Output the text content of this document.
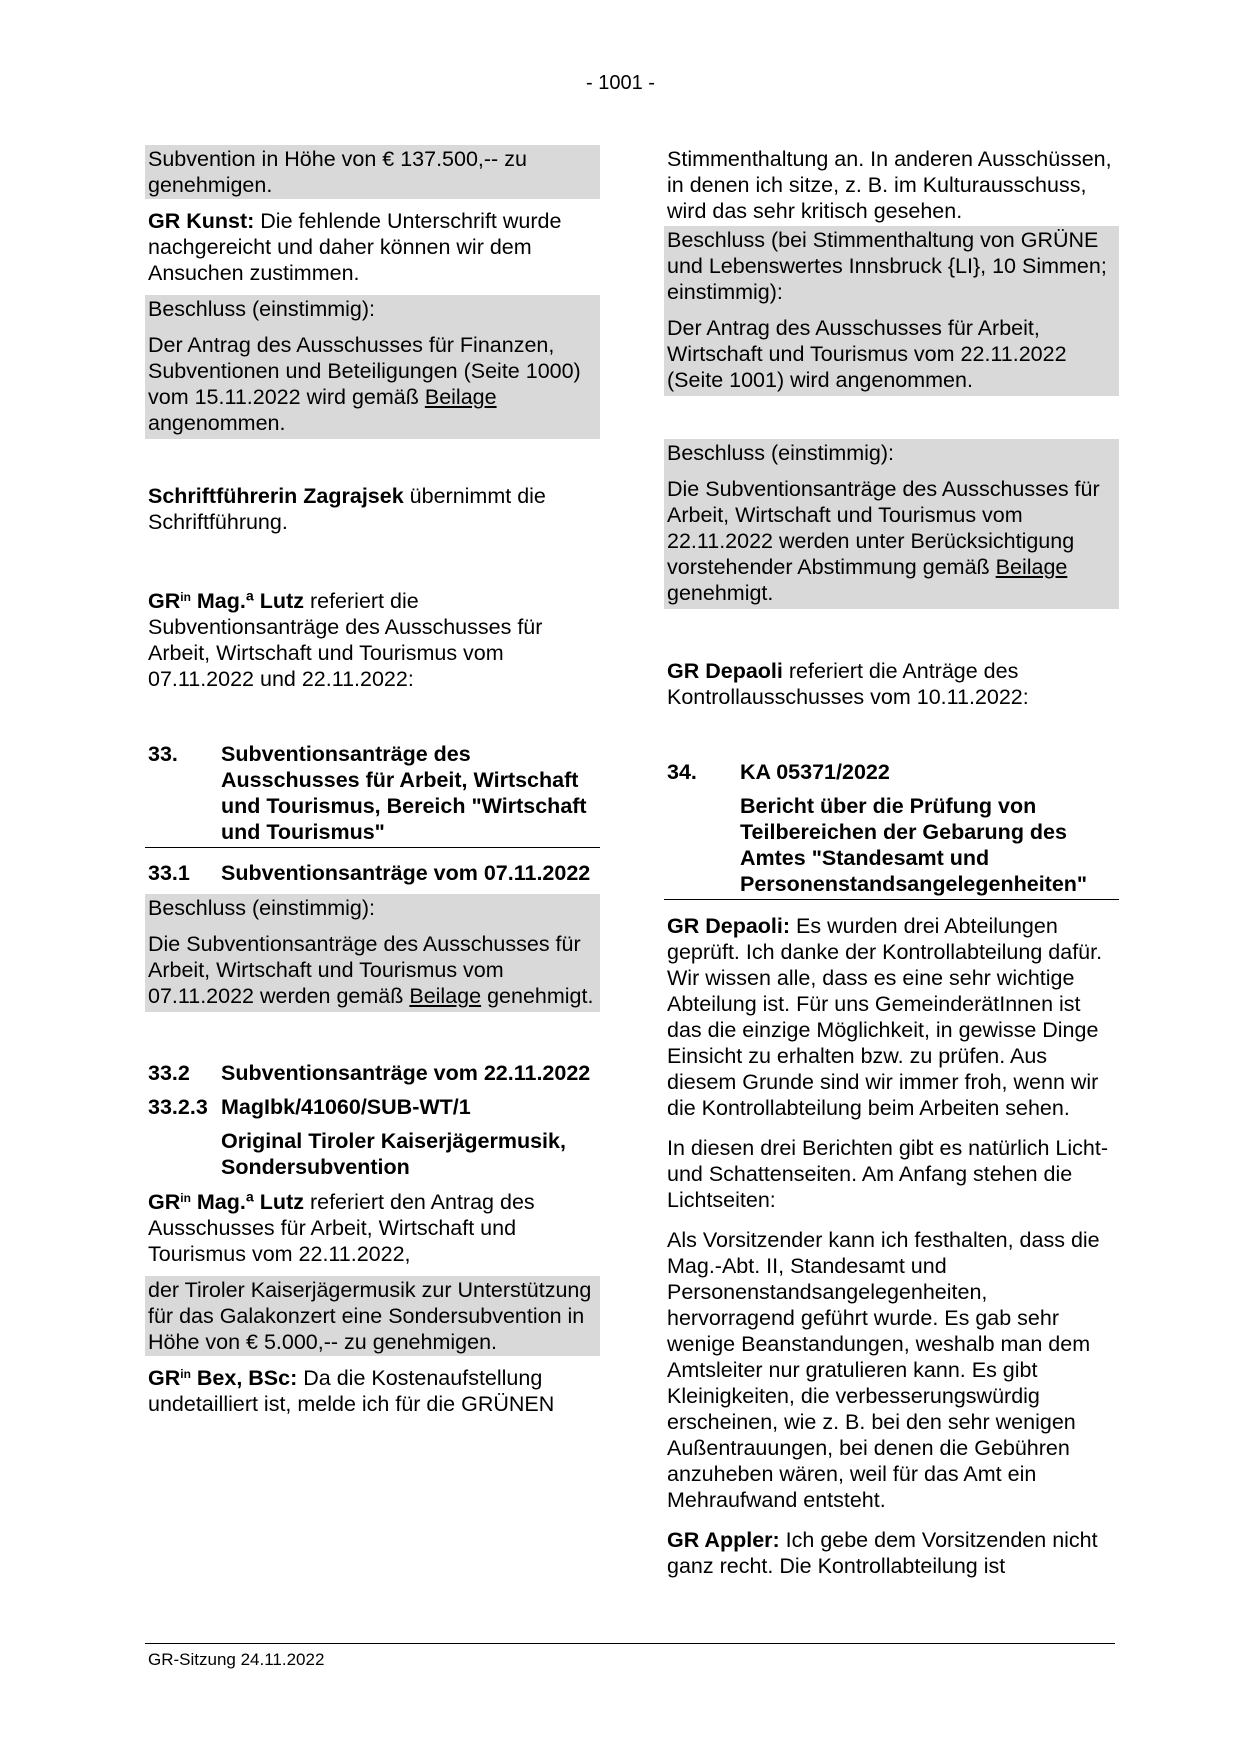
- 1001 -

Subvention in Höhe von € 137.500,-- zu genehmigen.

GR Kunst: Die fehlende Unterschrift wurde nachgereicht und daher können wir dem Ansuchen zustimmen.

Beschluss (einstimmig):

Der Antrag des Ausschusses für Finanzen, Subventionen und Beteiligungen (Seite 1000) vom 15.11.2022 wird gemäß Beilage angenommen.

Schriftführerin Zagrajsek übernimmt die Schriftführung.

$GR^{in}$ Mag.ª Lutz referiert die Subventionsanträge des Ausschusses für Arbeit, Wirtschaft und Tourismus vom 07.11.2022 und 22.11.2022:

33.	Subventionsanträge des Ausschusses für Arbeit, Wirtschaft und Tourismus, Bereich "Wirtschaft und Tourismus"
33.1	Subventionsanträge vom 07.11.2022

Beschluss (einstimmig):

Die Subventionsanträge des Ausschusses für Arbeit, Wirtschaft und Tourismus vom 07.11.2022 werden gemäß Beilage genehmigt.

33.2	Subventionsanträge vom 22.11.2022
33.2.3 MagIbk/41060/SUB-WT/1
Original Tiroler Kaiserjägermusik, Sondersubvention

$GR^{in}$ Mag.ª Lutz referiert den Antrag des Ausschusses für Arbeit, Wirtschaft und Tourismus vom 22.11.2022,

der Tiroler Kaiserjägermusik zur Unterstützung für das Galakonzert eine Sondersubvention in Höhe von € 5.000,-- zu genehmigen.

$GR^{in}$ Bex, BSc: Da die Kostenaufstellung undetailliert ist, melde ich für die GRÜNEN

Stimmenthaltung an. In anderen Ausschüssen, in denen ich sitze, z. B. im Kulturausschuss, wird das sehr kritisch gesehen.

Beschluss (bei Stimmenthaltung von GRÜNE und Lebenswertes Innsbruck {LI}, 10 Simmen; einstimmig):

Der Antrag des Ausschusses für Arbeit, Wirtschaft und Tourismus vom 22.11.2022 (Seite 1001) wird angenommen.

Beschluss (einstimmig):

Die Subventionsanträge des Ausschusses für Arbeit, Wirtschaft und Tourismus vom 22.11.2022 werden unter Berücksichtigung vorstehender Abstimmung gemäß Beilage genehmigt.

GR Depaoli referiert die Anträge des Kontrollausschusses vom 10.11.2022:

34.	KA 05371/2022
Bericht über die Prüfung von Teilbereichen der Gebarung des Amtes "Standesamt und Personenstandsangelegenheiten"

GR Depaoli: Es wurden drei Abteilungen geprüft. Ich danke der Kontrollabteilung dafür. Wir wissen alle, dass es eine sehr wichtige Abteilung ist. Für uns GemeinderätInnen ist das die einzige Möglichkeit, in gewisse Dinge Einsicht zu erhalten bzw. zu prüfen. Aus diesem Grunde sind wir immer froh, wenn wir die Kontrollabteilung beim Arbeiten sehen.

In diesen drei Berichten gibt es natürlich Licht- und Schattenseiten. Am Anfang stehen die Lichtseiten:

Als Vorsitzender kann ich festhalten, dass die Mag.-Abt. II, Standesamt und Personenstandsangelegenheiten, hervorragend geführt wurde. Es gab sehr wenige Beanstandungen, weshalb man dem Amtsleiter nur gratulieren kann. Es gibt Kleinigkeiten, die verbesserungswürdig erscheinen, wie z. B. bei den sehr wenigen Außentrauungen, bei denen die Gebühren anzuheben wären, weil für das Amt ein Mehraufwand entsteht.

GR Appler: Ich gebe dem Vorsitzenden nicht ganz recht. Die Kontrollabteilung ist

GR-Sitzung 24.11.2022
